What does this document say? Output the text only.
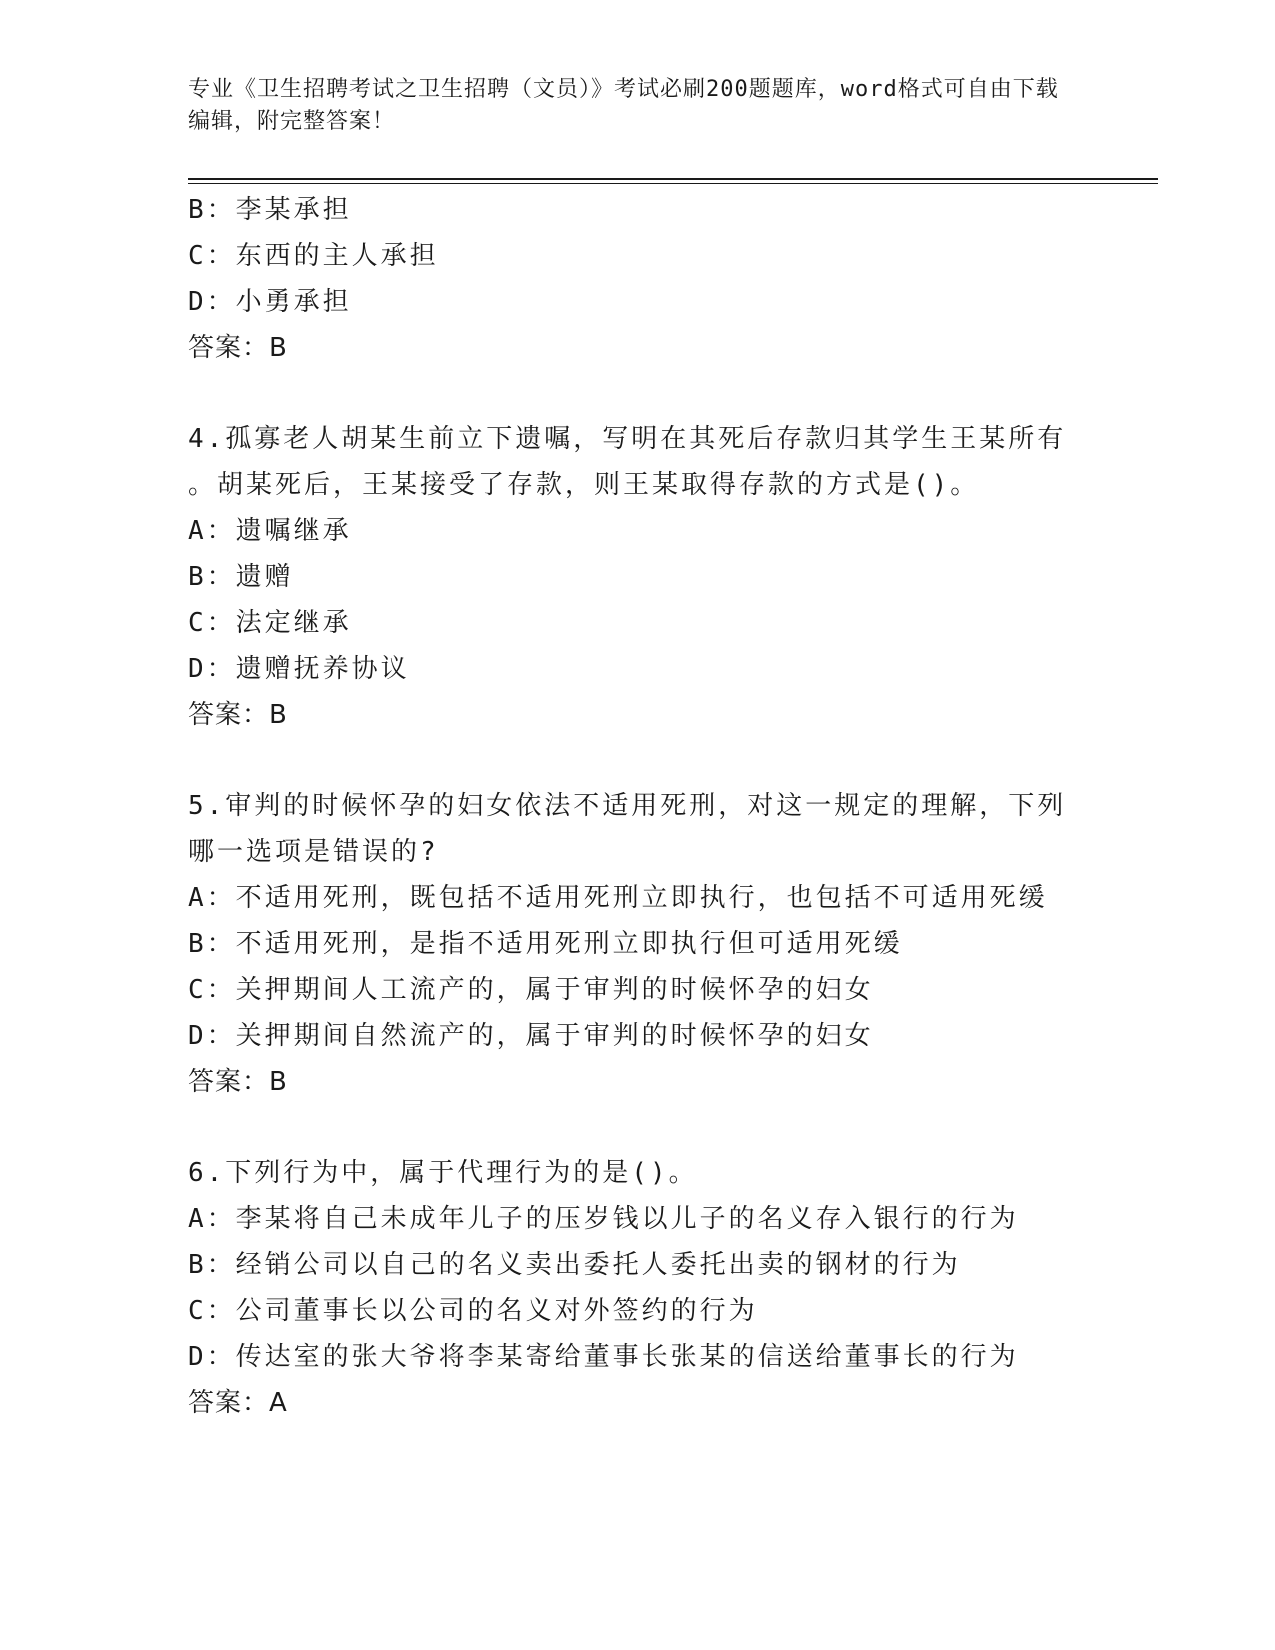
专业《卫生招聘考试之卫生招聘（文员）》考试必刷200题题库，word格式可自由下载编辑，附完整答案！
B：李某承担
C：东西的主人承担
D：小勇承担
答案：B
4.孤寡老人胡某生前立下遗嘱，写明在其死后存款归其学生王某所有
。胡某死后，王某接受了存款，则王某取得存款的方式是()。
A：遗嘱继承
B：遗赠
C：法定继承
D：遗赠抚养协议
答案：B
5.审判的时候怀孕的妇女依法不适用死刑，对这一规定的理解，下列
哪一选项是错误的?
A：不适用死刑，既包括不适用死刑立即执行，也包括不可适用死缓
B：不适用死刑，是指不适用死刑立即执行但可适用死缓
C：关押期间人工流产的，属于审判的时候怀孕的妇女
D：关押期间自然流产的，属于审判的时候怀孕的妇女
答案：B
6.下列行为中，属于代理行为的是()。
A：李某将自己未成年儿子的压岁钱以儿子的名义存入银行的行为
B：经销公司以自己的名义卖出委托人委托出卖的钢材的行为
C：公司董事长以公司的名义对外签约的行为
D：传达室的张大爷将李某寄给董事长张某的信送给董事长的行为
答案：A
